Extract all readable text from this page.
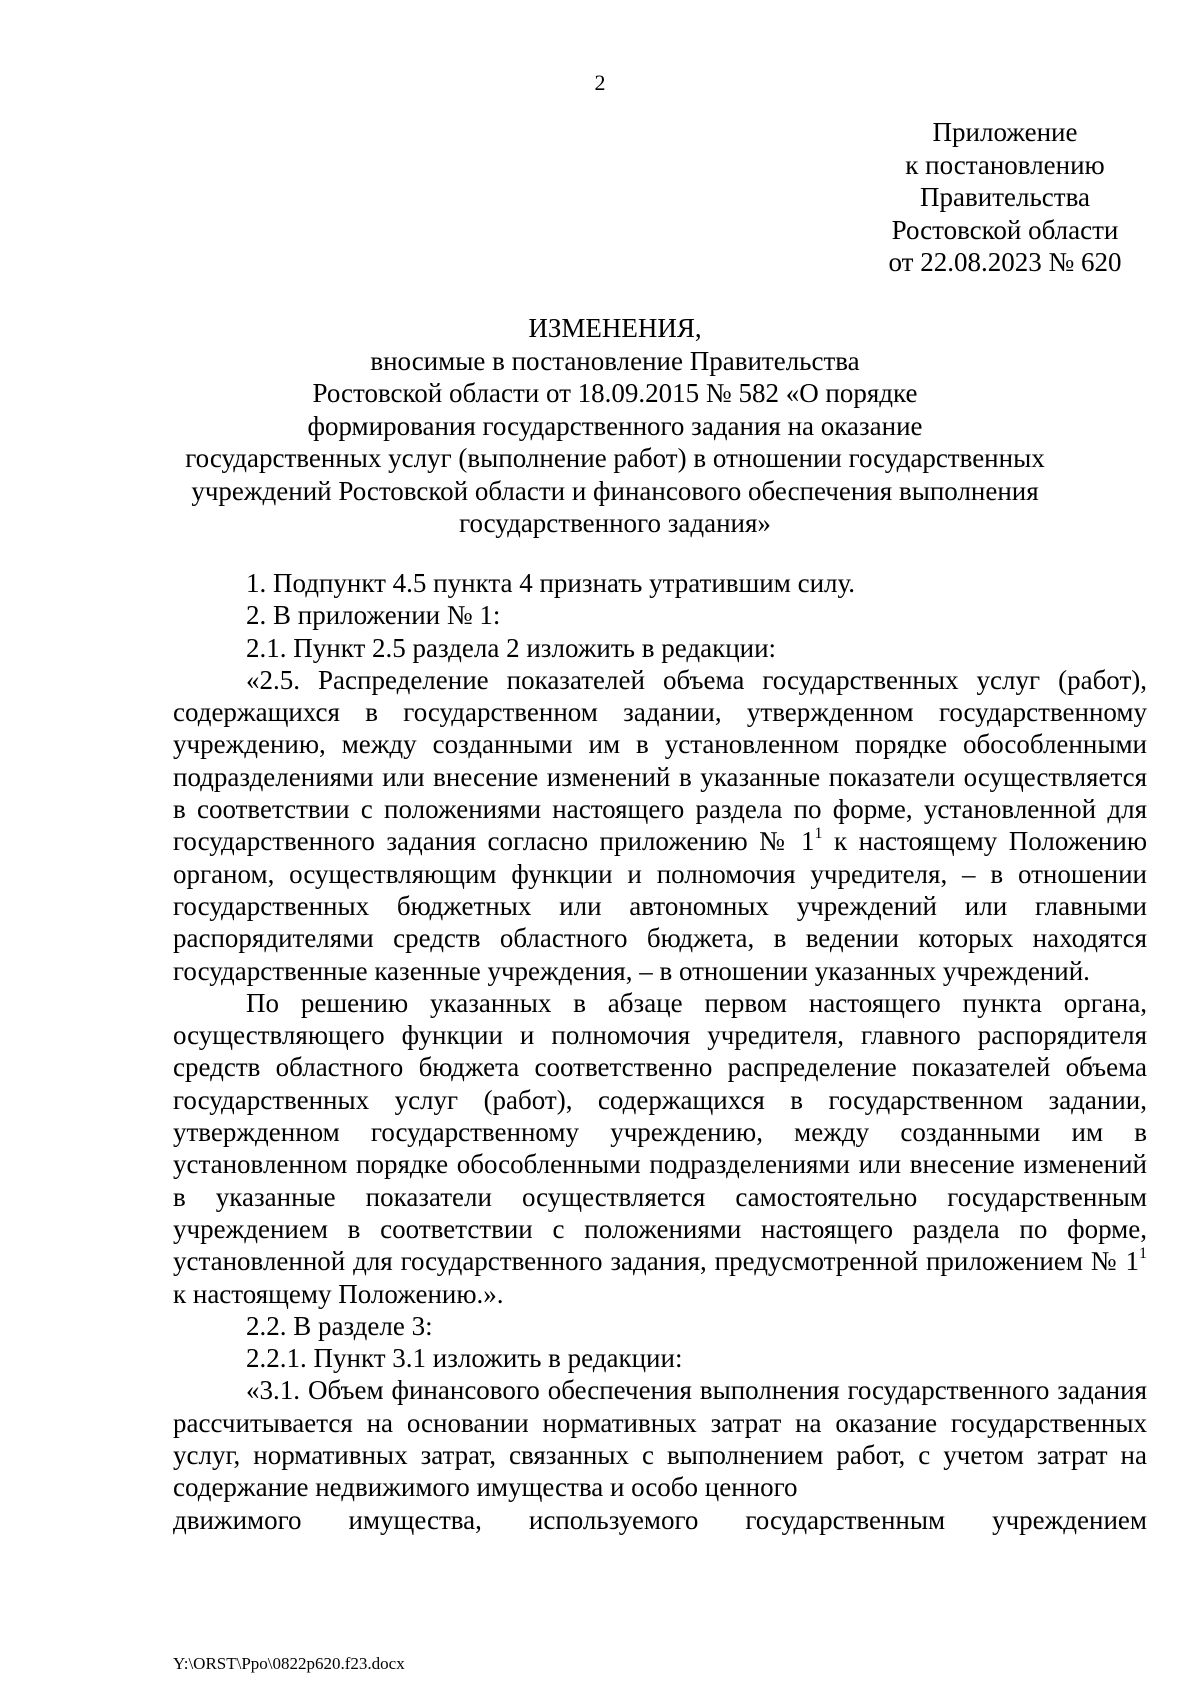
2
Приложение
к постановлению
Правительства
Ростовской области
от 22.08.2023 № 620
ИЗМЕНЕНИЯ,
вносимые в постановление Правительства
Ростовской области от 18.09.2015 № 582 «О порядке
формирования государственного задания на оказание
государственных услуг (выполнение работ) в отношении государственных
учреждений Ростовской области и финансового обеспечения выполнения
государственного задания»

1. Подпункт 4.5 пункта 4 признать утратившим силу.

2. В приложении № 1:

2.1. Пункт 2.5 раздела 2 изложить в редакции:

«2.5. Распределение показателей объема государственных услуг (работ), содержащихся в государственном задании, утвержденном государственному учреждению, между созданными им в установленном порядке обособленными подразделениями или внесение изменений в указанные показатели осуществляется в соответствии с положениями настоящего раздела по форме, установленной для государственного задания согласно приложению № $1^1$ к настоящему Положению органом, осуществляющим функции и полномочия учредителя, – в отношении государственных бюджетных или автономных учреждений или главными распорядителями средств областного бюджета, в ведении которых находятся государственные казенные учреждения, – в отношении указанных учреждений.

По решению указанных в абзаце первом настоящего пункта органа, осуществляющего функции и полномочия учредителя, главного распорядителя средств областного бюджета соответственно распределение показателей объема государственных услуг (работ), содержащихся в государственном задании, утвержденном государственному учреждению, между созданными им в установленном порядке обособленными подразделениями или внесение изменений в указанные показатели осуществляется самостоятельно государственным учреждением в соответствии с положениями настоящего раздела по форме, установленной для государственного задания, предусмотренной приложением № $1^1$ к настоящему Положению.».

2.2. В разделе 3:

2.2.1. Пункт 3.1 изложить в редакции:

«3.1. Объем финансового обеспечения выполнения государственного задания рассчитывается на основании нормативных затрат на оказание государственных услуг, нормативных затрат, связанных с выполнением работ, с учетом затрат на содержание недвижимого имущества и особо ценного

движимого имущества, используемого государственным учреждением

Y:\ORST\Ppo\0822p620.f23.docx
